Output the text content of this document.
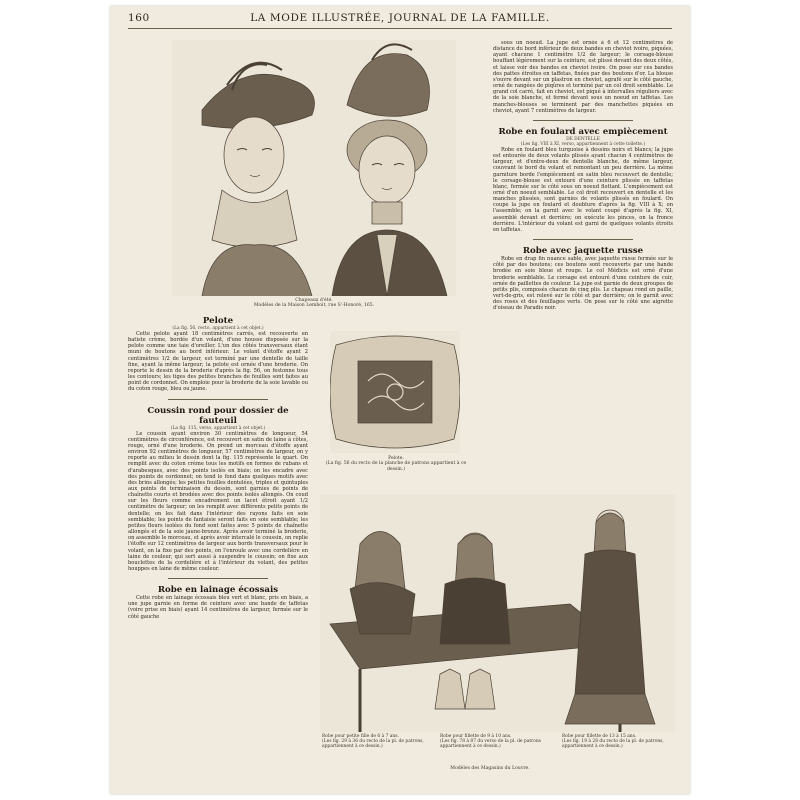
160	LA MODE ILLUSTRÉE, JOURNAL DE LA FAMILLE.
Chapeaux d'été.
Modèles de la Maison Lemboit, rue S'-Honoré, 165.
Pelote
(La fig. 56, recto, appartient à cet objet.)

Cette pelote ayant 18 centimètres carrés, est recouverte en batiste crème, bordée d'un volant, d'une housse disposée sur la pelote comme une taie d'oreiller. L'un des côtés transversaux étant muni de boutons au bord inférieur. Le volant d'étoffe ayant 2 centimètres 1/2 de largeur, est terminé par une dentelle de taille fine, ayant la même largeur; la pelote est ornée d'une broderie. On reporte le dessin de la broderie d'après la fig. 56, on festonne tous les contours; les tiges des petites branches de feuilles sont faites au point de cordonnet. On emploie pour la broderie de la soie lavable ou du coton rouge, bleu ou jaune.

Coussin rond pour dossier de fauteuil
(La fig. 115, verso, appartient à cet objet.)

Le coussin ayant environ 30 centimètres de longueur, 54 centimètres de circonférence, est recouvert en satin de laine à côtes, rouge, orné d'une broderie. On prend un morceau d'étoffe ayant environ 92 centimètres de longueur, 57 centimètres de largeur, on y reporte au milieu le dessin dont la fig. 115 représente le quart. On remplit avec du coton crème tous les motifs en formes de rubans et d'arabesques, avec des points isolés en biais; on les encadre avec des points de cordonnet; on tend le fond dans quelques motifs avec des brins allongés; les petites feuilles dentelées, triples et quintuples aux points de terminaison du dessin, sont garnies de points de chaînette courts et brodées avec des points isolés allongés. On coud sur les fleurs comme encadrement un lacet étroit ayant 1/2 centimètre de largeur; on les remplit avec différents petits points de dentelle; on les fait dans l'intérieur des rayons faits en soie semblable; les points de fantaisie seront faits en soie semblable; les petites fleurs isolées du fond sont faites avec 5 points de chaînette allongés et de la soie jaune-bronze. Après avoir terminé la broderie, on assemble le morceau, et après avoir intercalé le coussin, on replie l'étoffe sur 12 centimètres de largeur aux bords transversaux pour le volant, on la fixe par des points, on l'enroule avec une cordelière en laine de couleur, qui sert aussi à suspendre le coussin; on fixe aux bouclettes de la cordelière et à l'intérieur du volant, des petites houppes en laine de même couleur.

Robe en lainage écossais

Cette robe en lainage écossais bleu vert et blanc, pris en biais, a une jupe garnie en forme de ceinture avec une bande de taffetas (voire prise en biais) ayant 14 centimètres de largeur, fermée sur le côté gauche

Pelote.
(La fig. 56 du recto de la planche de patrons appartient à ce dessin.)

sous un noeud. La jupe est ornée à 6 et 12 centimètres de distance du bord inférieur de deux bandes en cheviot ivoire, piquées, ayant chacune 1 centimètre 1/2 de largeur; le corsage-blouse bouffant légèrement sur la ceinture, est plissé devant des deux côtés, et laisse voir des bandes en cheviot ivoire. On pose sur ces bandes des pattes étroites en taffetas, fixées par des boutons d'or. La blouse s'ouvre devant sur un plastron en cheviot, agrafé sur le côté gauche, orné de rangées de piqûres et terminé par un col droit semblable. Le grand col carré, fait en cheviot, est piqué à intervalles réguliers avec de la soie blanche, et fermé devant sous un noeud en taffetas. Les manches-blouses se terminent par des manchettes piquées en cheviot, ayant 7 centimètres de largeur.

Robe en foulard avec empiècement
DE DENTELLE
(Les fig. VIII à XI, verso, appartiennent à cette toilette.)

Robe en foulard bleu turquoise à dessins noirs et blancs; la jupe est entourée de deux volants plissés ayant chacun 4 centimètres de largeur, et d'entre-deux de dentelle blanche, de même largeur, couvrant le bord du volant et remontant un peu derrière. La même garniture borde l'empiècement en satin bleu recouvert de dentelle; le corsage-blouse est entouré d'une ceinture plissée en taffetas blanc, fermée sur le côté sous un noeud flottant. L'empiècement est orné d'un noeud semblable. Le col droit recouvert en dentelle et les manches plissées, sont garnies de volants plissés en foulard. On coupe la jupe en foulard et doublure d'après la fig. VIII à X; on l'assemble; on la garnit avec le volant coupé d'après la fig. XI, assemblé devant et derrière; on exécute les pinces, on la fronce derrière. L'intérieur du volant est garni de quelques volants étroits en taffetas.

Robe avec jaquette russe

Robe en drap fin nuance sable, avec jaquette russe fermée sur le côté par des boutons; ces boutons sont recouverts par une bande brodée en soie bleue et rouge. Le col Médicis est orné d'une broderie semblable. Le corsage est entouré d'une ceinture de cuir, ornée de paillettes de couleur. La jupe est garnie de deux groupes de petits plis, composés chacun de cinq plis. Le chapeau rond en paille, vert-de-gris, est relevé sur le côté et par derrière; on le garnit avec des roses et des feuillages verts. On pose sur le côté une aigrette d'oiseau de Paradis noir.

Robe pour petite fille de 6 à 7 ans.
(Les fig. 29 à 36 du recto de la pl. de patrons, appartiennent à ce dessin.)
Robe pour fillette de 9 à 10 ans.
(Les fig. 78 à 87 du verso de la pl. de patrons appartiennent à ce dessin.)
Robe pour fillette de 13 à 15 ans.
(Les fig. 19 à 28 du recto de la pl. de patrons, appartiennent à ce dessin.)
Modèles des Magasins du Louvre.
